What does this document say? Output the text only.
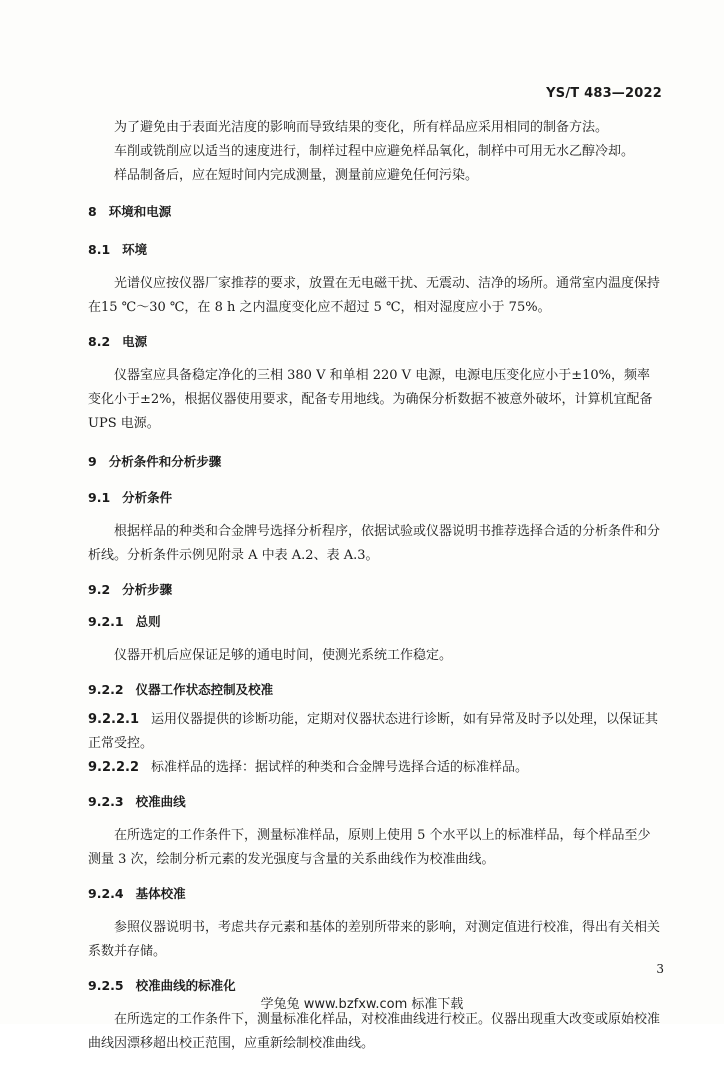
YS/T 483—2022

为了避免由于表面光洁度的影响而导致结果的变化，所有样品应采用相同的制备方法。

车削或铣削应以适当的速度进行，制样过程中应避免样品氧化，制样中可用无水乙醇冷却。

样品制备后，应在短时间内完成测量，测量前应避免任何污染。

8 环境和电源
8.1 环境

光谱仪应按仪器厂家推荐的要求，放置在无电磁干扰、无震动、洁净的场所。通常室内温度保持在15 ℃～30 ℃，在 8 h 之内温度变化应不超过 5 ℃，相对湿度应小于 75%。

8.2 电源

仪器室应具备稳定净化的三相 380 V 和单相 220 V 电源，电源电压变化应小于±10%，频率变化小于±2%，根据仪器使用要求，配备专用地线。为确保分析数据不被意外破坏，计算机宜配备 UPS 电源。

9 分析条件和分析步骤
9.1 分析条件

根据样品的种类和合金牌号选择分析程序，依据试验或仪器说明书推荐选择合适的分析条件和分析线。分析条件示例见附录 A 中表 A.2、表 A.3。

9.2 分析步骤
9.2.1 总则

仪器开机后应保证足够的通电时间，使测光系统工作稳定。

9.2.2 仪器工作状态控制及校准

9.2.2.1 运用仪器提供的诊断功能，定期对仪器状态进行诊断，如有异常及时予以处理，以保证其正常受控。

9.2.2.2 标准样品的选择：据试样的种类和合金牌号选择合适的标准样品。

9.2.3 校准曲线

在所选定的工作条件下，测量标准样品，原则上使用 5 个水平以上的标准样品，每个样品至少测量 3 次，绘制分析元素的发光强度与含量的关系曲线作为校准曲线。

9.2.4 基体校准

参照仪器说明书，考虑共存元素和基体的差别所带来的影响，对测定值进行校准，得出有关相关系数并存储。

9.2.5 校准曲线的标准化

在所选定的工作条件下，测量标准化样品，对校准曲线进行校正。仪器出现重大改变或原始校准曲线因漂移超出校正范围，应重新绘制校准曲线。

3
学兔兔 www.bzfxw.com 标准下载
